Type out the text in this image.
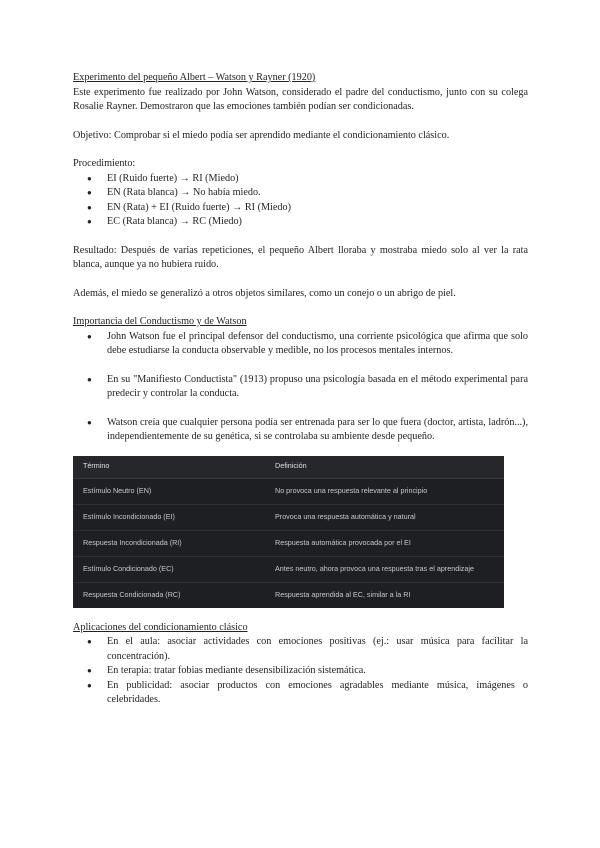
Experimento del pequeño Albert – Watson y Rayner (1920)

Este experimento fue realizado por John Watson, considerado el padre del conductismo, junto con su colega Rosalie Rayner. Demostraron que las emociones también podían ser condicionadas.

Objetivo: Comprobar si el miedo podía ser aprendido mediante el condicionamiento clásico.

Procedimiento:

● EI (Ruido fuerte) → RI (Miedo)
● EN (Rata blanca) → No había miedo.
● EN (Rata) + EI (Ruido fuerte) → RI (Miedo)
● EC (Rata blanca) → RC (Miedo)

Resultado: Después de varias repeticiones, el pequeño Albert lloraba y mostraba miedo solo al ver la rata blanca, aunque ya no hubiera ruido.

Además, el miedo se generalizó a otros objetos similares, como un conejo o un abrigo de piel.

Importancia del Conductismo y de Watson
● John Watson fue el principal defensor del conductismo, una corriente psicológica que afirma que solo debe estudiarse la conducta observable y medible, no los procesos mentales internos.
● En su "Manifiesto Conductista" (1913) propuso una psicología basada en el método experimental para predecir y controlar la conducta.
● Watson creía que cualquier persona podía ser entrenada para ser lo que fuera (doctor, artista, ladrón...), independientemente de su genética, si se controlaba su ambiente desde pequeño.
Término	Definición
Estímulo Neutro (EN)	No provoca una respuesta relevante al principio
Estímulo Incondicionado (EI)	Provoca una respuesta automática y natural
Respuesta Incondicionada (RI)	Respuesta automática provocada por el EI
Estímulo Condicionado (EC)	Antes neutro, ahora provoca una respuesta tras el aprendizaje
Respuesta Condicionada (RC)	Respuesta aprendida al EC, similar a la RI
Aplicaciones del condicionamiento clásico
● En el aula: asociar actividades con emociones positivas (ej.: usar música para facilitar la concentración).
● En terapia: tratar fobias mediante desensibilización sistemática.
● En publicidad: asociar productos con emociones agradables mediante música, imágenes o celebridades.
